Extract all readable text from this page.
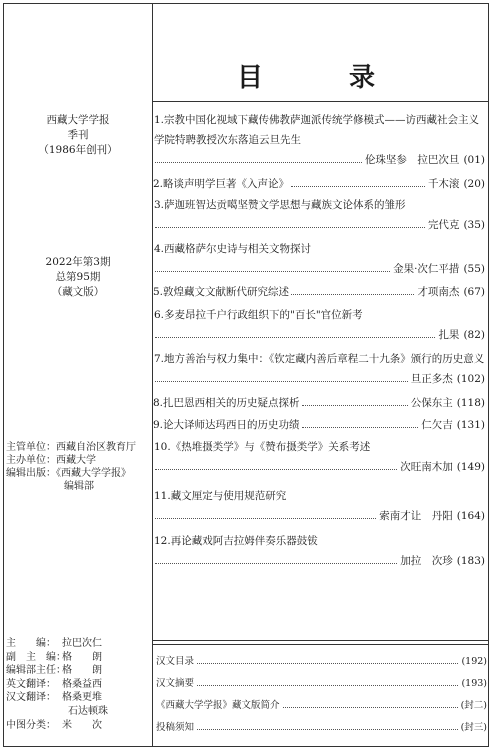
西藏大学学报
季刊
（1986年创刊）
2022年第3期
总第95期
（藏文版）
主管单位：西藏自治区教育厅
主办单位：西藏大学
编辑出版：《西藏大学学报》
编辑部
主　　编： 拉巴次仁
副　主　编：
格　　朗
编辑部主任：
格　　朗
英文翻译： 格桑益西
汉文翻译： 格桑更堆
石达顿珠
中图分类： 米　　次
目　录
1.宗教中国化视域下藏传佛教萨迦派传统学修模式——访西藏社会主义学院特聘教授次东落追云旦先生
伦珠坚参　拉巴次旦 (01)
2.略谈声明学巨著《入声论》	千木滚 (20)
3.萨迦班智达贡噶坚赞文学思想与藏族文论体系的雏形
完代克 (35)
4.西藏格萨尔史诗与相关文物探讨
金果·次仁平措 (55)
5.敦煌藏文文献断代研究综述	才项南杰 (67)
6.多麦昂拉千户行政组织下的"百长"官位新考
扎果 (82)
7.地方善治与权力集中：《钦定藏内善后章程二十九条》颁行的历史意义
旦正多杰 (102)
8.扎巴恩西相关的历史疑点探析	公保东主 (118)
9.论大译师达玛西日的历史功绩	仁欠吉 (131)
10.《热堆摄类学》与《赞布摄类学》关系考述
次旺南木加 (149)
11.藏文厘定与使用规范研究
索南才让　丹阳 (164)
12.再论藏戏阿吉拉姆伴奏乐器鼓钹
加拉　次珍 (183)
汉文目录	(192)
汉文摘要	(193)
《西藏大学学报》藏文版简介	(封二)
投稿须知	(封三)
